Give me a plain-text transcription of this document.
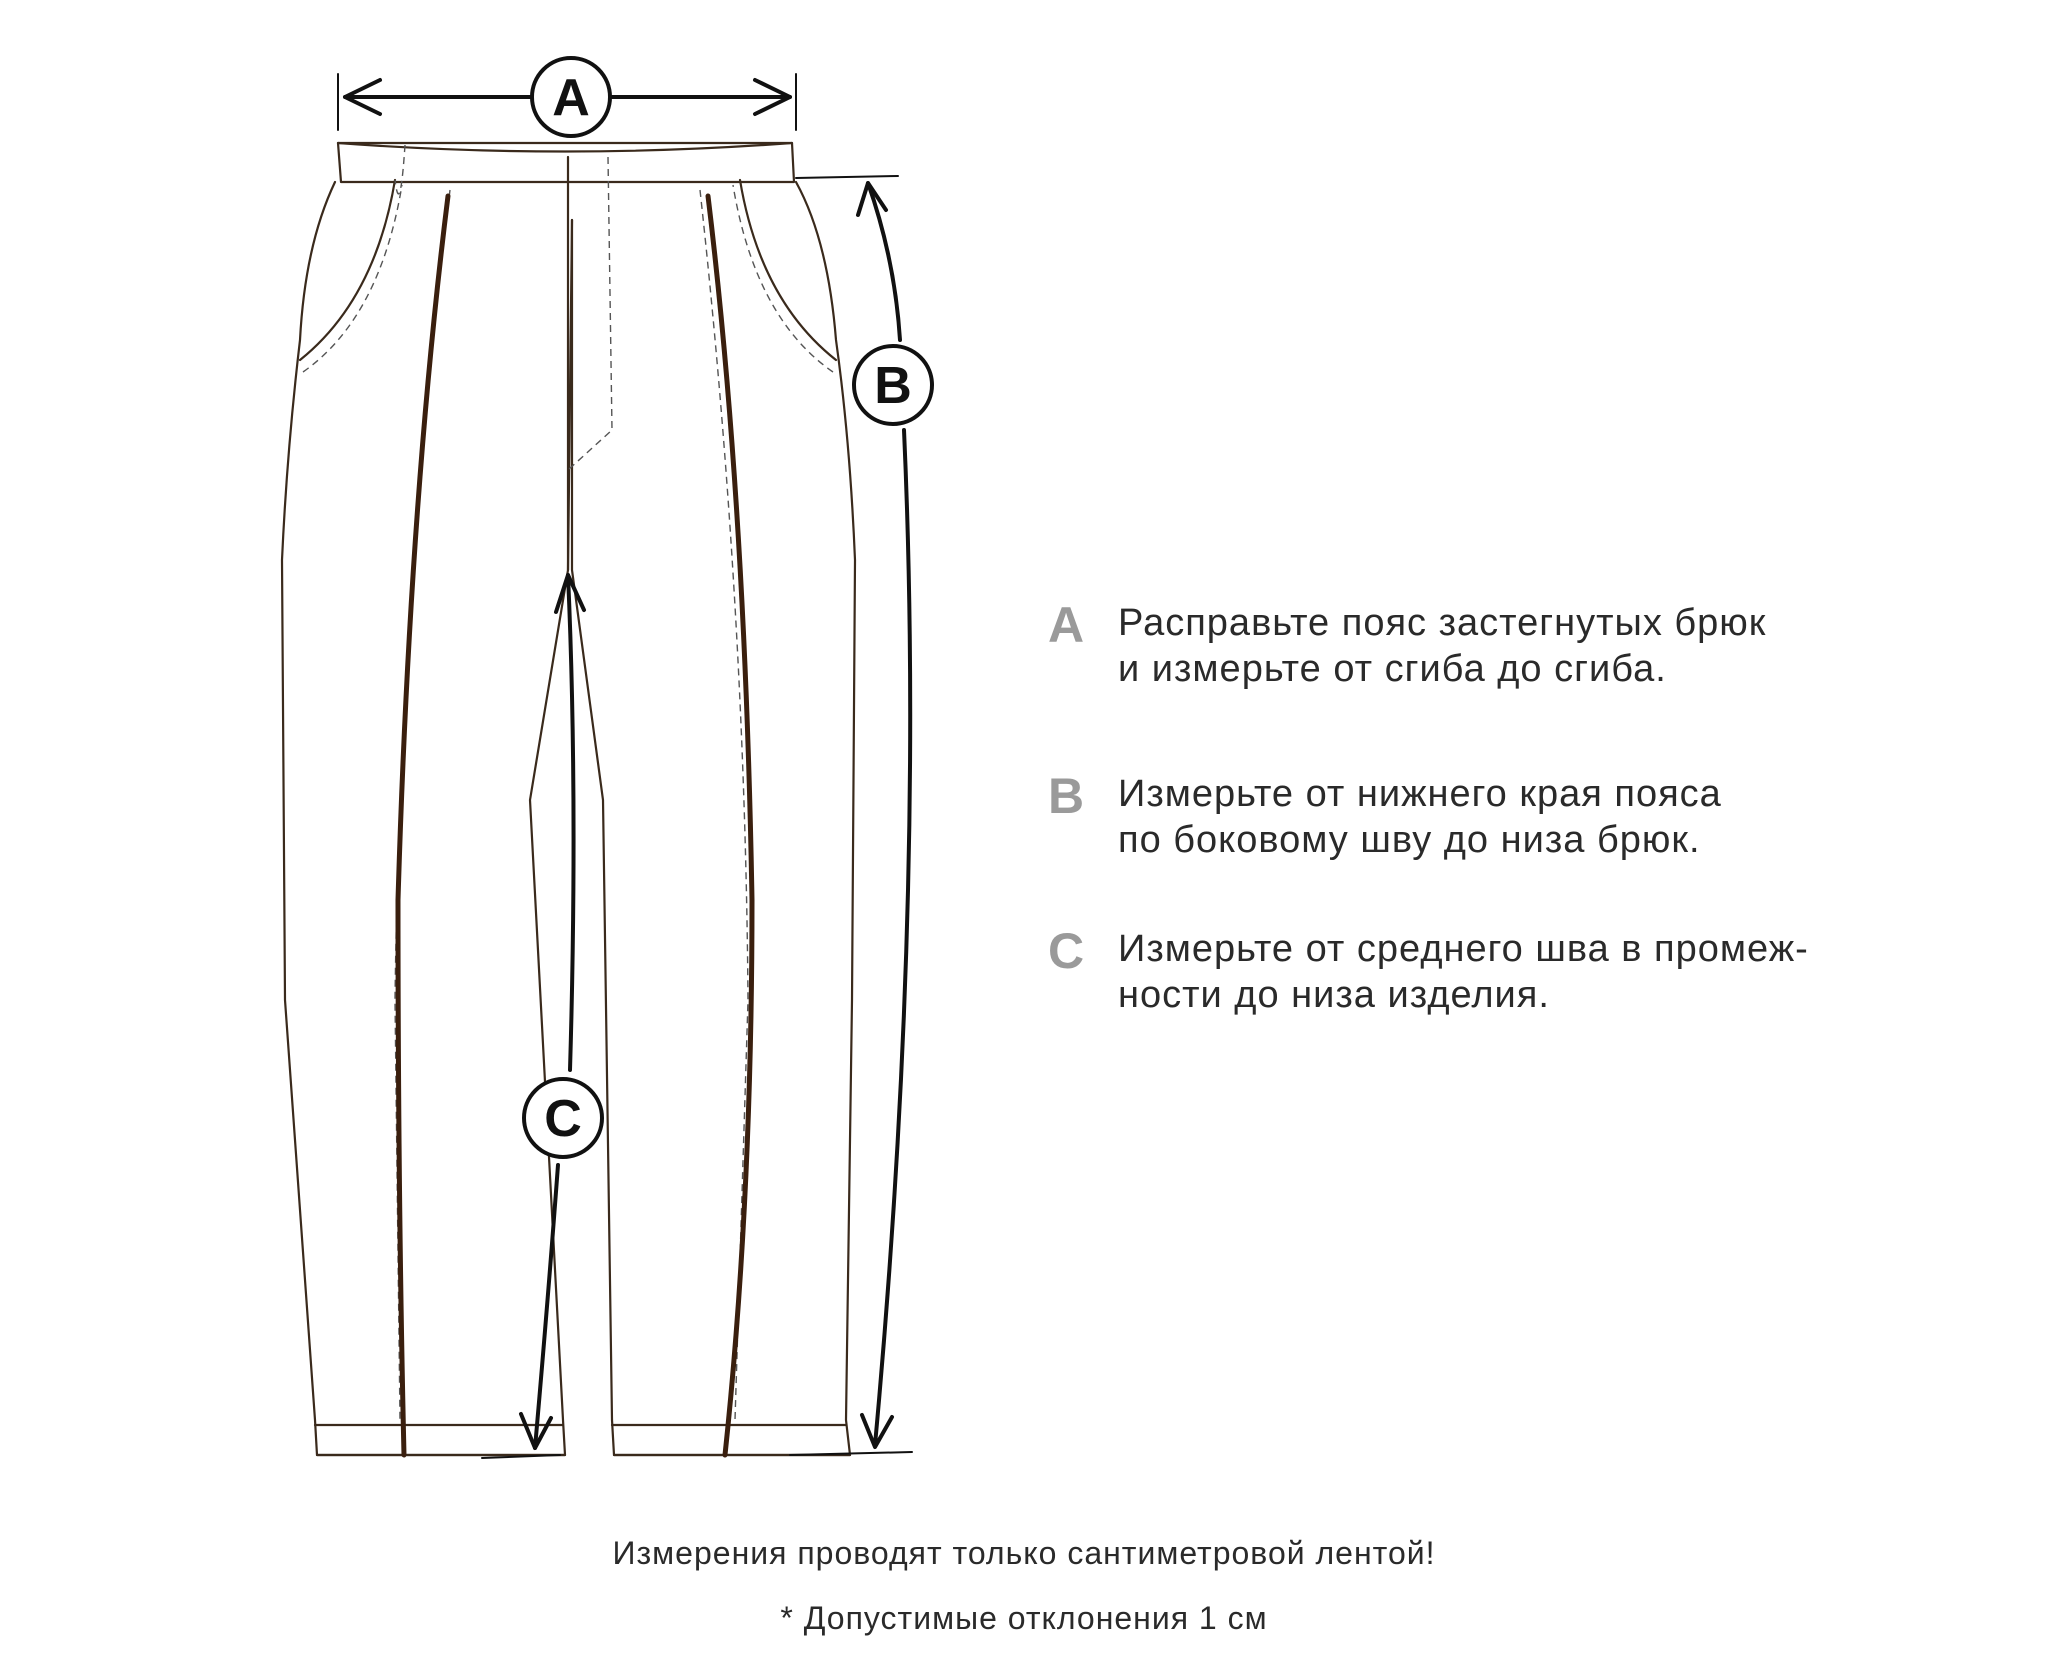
A
B
C
A Расправьте пояс застегнутых брюк
и измерьте от сгиба до сгиба.
B Измерьте от нижнего края пояса
по боковому шву до низа брюк.
C Измерьте от среднего шва в промеж-
ности до низа изделия.
Измерения проводят только сантиметровой лентой!
* Допустимые отклонения 1 см
